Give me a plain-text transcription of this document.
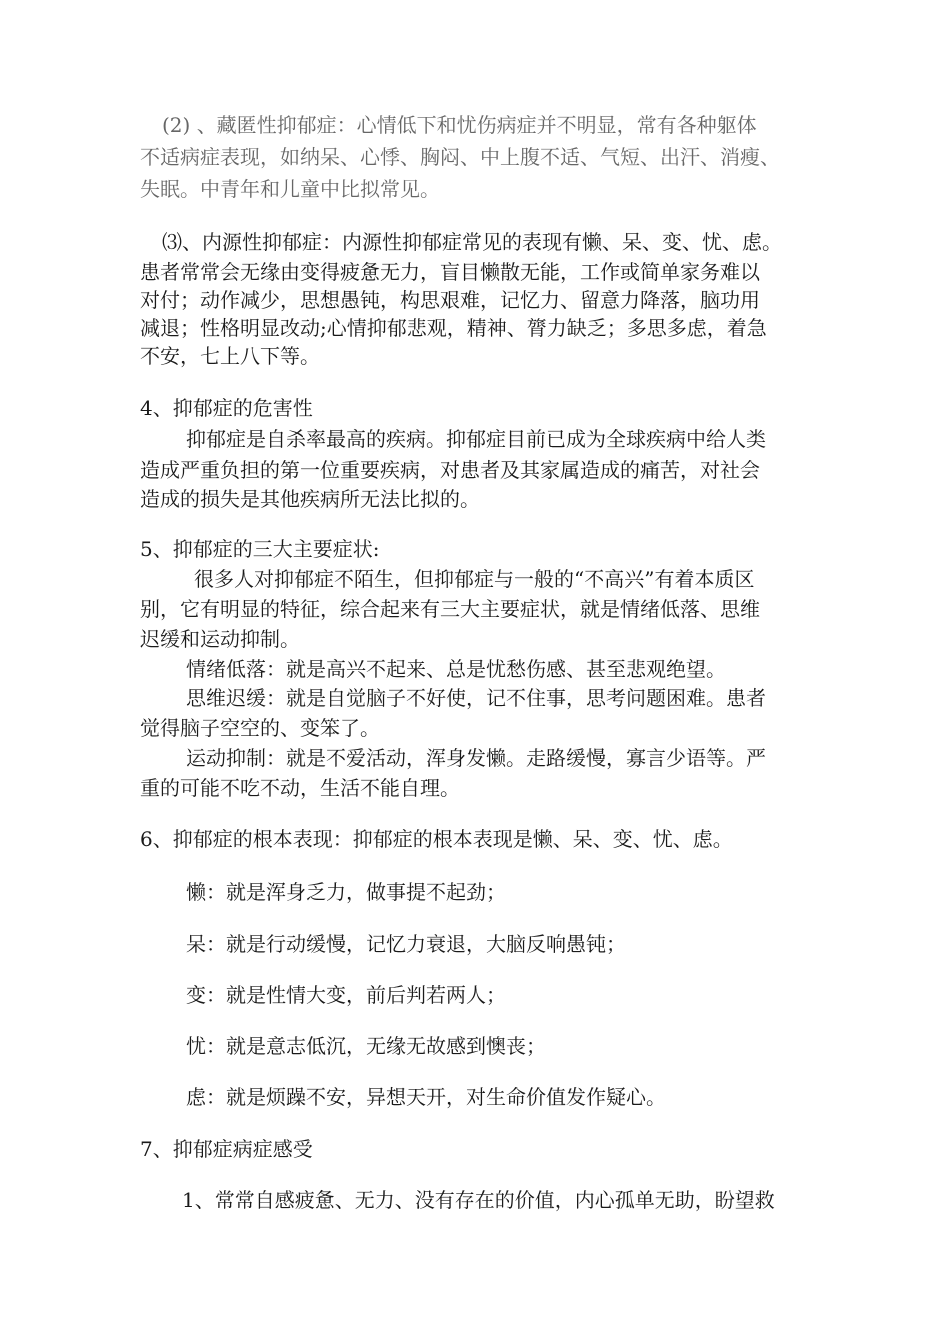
(2) 、藏匿性抑郁症：心情低下和忧伤病症并不明显，常有各种躯体
不适病症表现，如纳呆、心悸、胸闷、中上腹不适、气短、出汗、消瘦、
失眠。中青年和儿童中比拟常见。
⑶、内源性抑郁症：内源性抑郁症常见的表现有懒、呆、变、忧、虑。
患者常常会无缘由变得疲惫无力，盲目懒散无能，工作或简单家务难以
对付；动作减少，思想愚钝，构思艰难，记忆力、留意力降落，脑功用
减退；性格明显改动;心情抑郁悲观，精神、膂力缺乏；多思多虑，着急
不安，七上八下等。
4、抑郁症的危害性
抑郁症是自杀率最高的疾病。抑郁症目前已成为全球疾病中给人类
造成严重负担的第一位重要疾病，对患者及其家属造成的痛苦，对社会
造成的损失是其他疾病所无法比拟的。
5、抑郁症的三大主要症状:
很多人对抑郁症不陌生，但抑郁症与一般的“不高兴”有着本质区
别，它有明显的特征，综合起来有三大主要症状，就是情绪低落、思维
迟缓和运动抑制。
情绪低落：就是高兴不起来、总是忧愁伤感、甚至悲观绝望。
思维迟缓：就是自觉脑子不好使，记不住事，思考问题困难。患者
觉得脑子空空的、变笨了。
运动抑制：就是不爱活动，浑身发懒。走路缓慢，寡言少语等。严
重的可能不吃不动，生活不能自理。
6、抑郁症的根本表现：抑郁症的根本表现是懒、呆、变、忧、虑。
懒：就是浑身乏力，做事提不起劲；
呆：就是行动缓慢，记忆力衰退，大脑反响愚钝；
变：就是性情大变，前后判若两人；
忧：就是意志低沉，无缘无故感到懊丧；
虑：就是烦躁不安，异想天开，对生命价值发作疑心。
7、抑郁症病症感受
1、常常自感疲惫、无力、没有存在的价值，内心孤单无助，盼望救
